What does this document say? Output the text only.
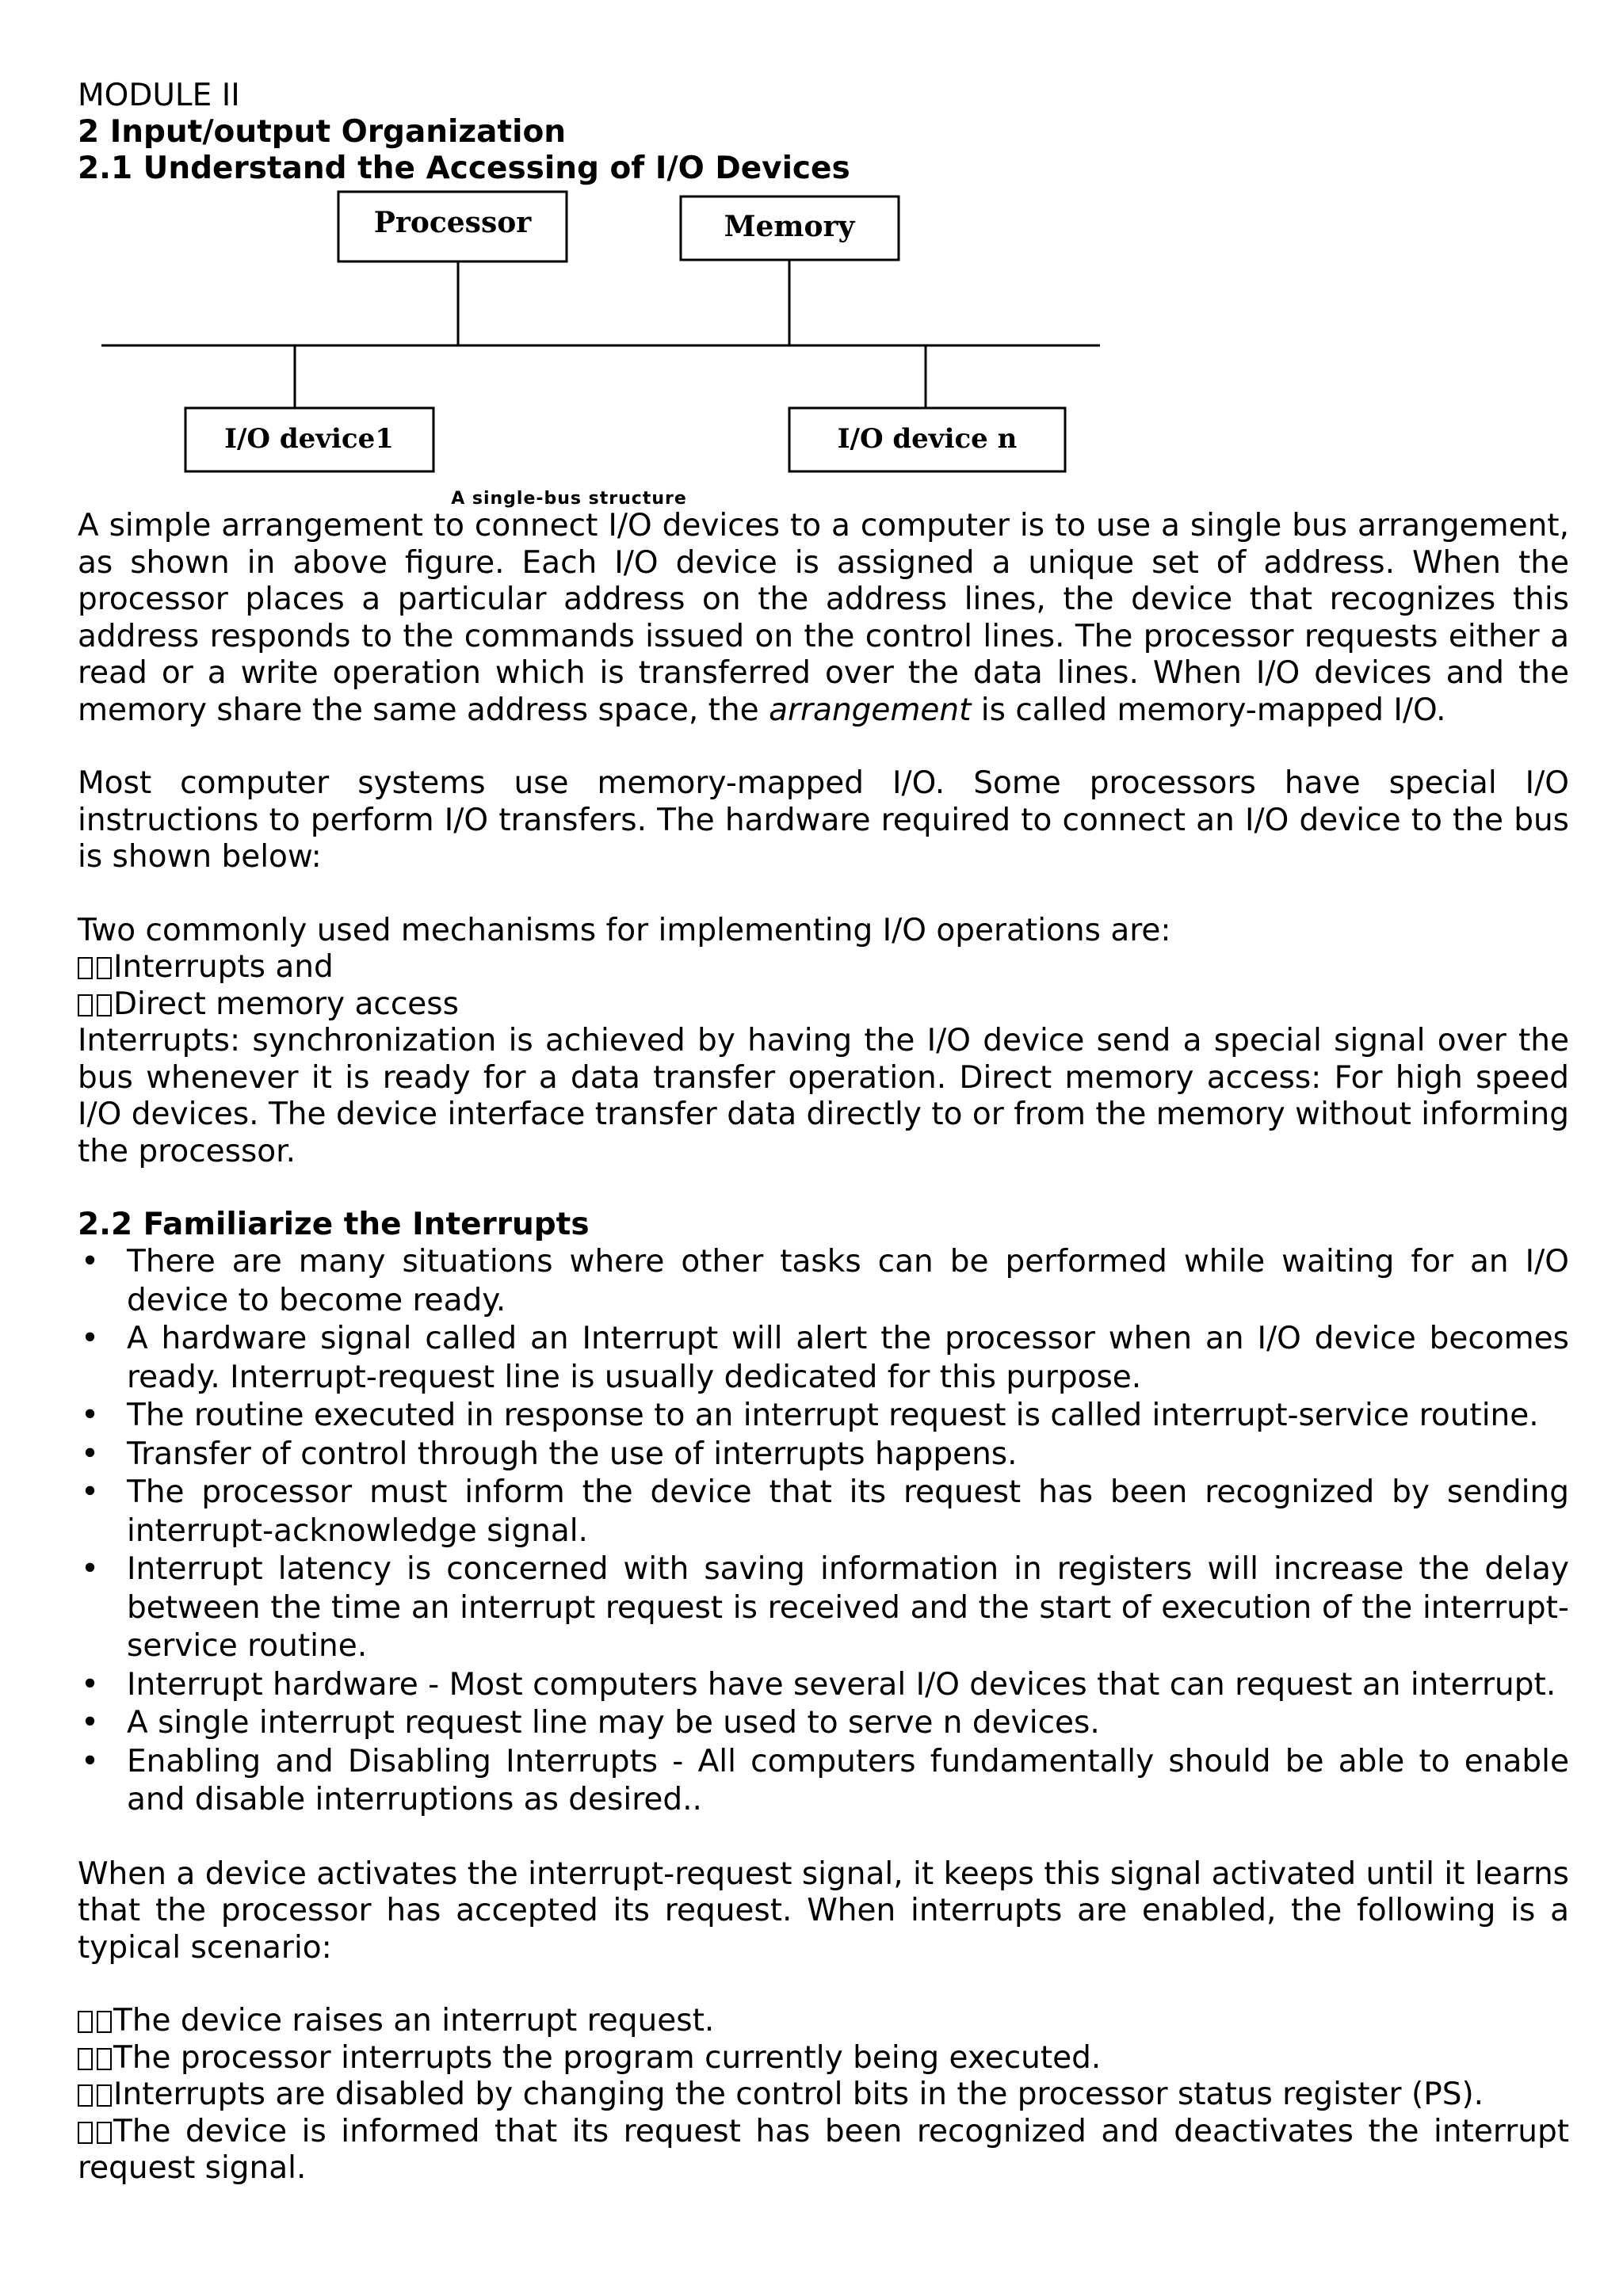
MODULE II
2 Input/output Organization
2.1 Understand the Accessing of I/O Devices
Processor	Memory
I/O device1	I/O device n
A single-bus structure
A simple arrangement to connect I/O devices to a computer is to use a single bus arrangement, as shown in above figure. Each I/O device is assigned a unique set of address. When the processor places a particular address on the address lines, the device that recognizes this address responds to the commands issued on the control lines. The processor requests either a read or a write operation which is transferred over the data lines. When I/O devices and the memory share the same address space, the arrangement is called memory-mapped I/O.
Most computer systems use memory-mapped I/O. Some processors have special I/O instructions to perform I/O transfers. The hardware required to connect an I/O device to the bus is shown below:
Two commonly used mechanisms for implementing I/O operations are:
Interrupts and
Direct memory access
Interrupts: synchronization is achieved by having the I/O device send a special signal over the bus whenever it is ready for a data transfer operation. Direct memory access: For high speed I/O devices. The device interface transfer data directly to or from the memory without informing the processor.
2.2 Familiarize the Interrupts
• There are many situations where other tasks can be performed while waiting for an I/O device to become ready.
• A hardware signal called an Interrupt will alert the processor when an I/O device becomes ready. Interrupt-request line is usually dedicated for this purpose.
• The routine executed in response to an interrupt request is called interrupt-service routine.
• Transfer of control through the use of interrupts happens.
• The processor must inform the device that its request has been recognized by sending interrupt-acknowledge signal.
• Interrupt latency is concerned with saving information in registers will increase the delay between the time an interrupt request is received and the start of execution of the interrupt-service routine.
• Interrupt hardware - Most computers have several I/O devices that can request an interrupt.
• A single interrupt request line may be used to serve n devices.
• Enabling and Disabling Interrupts - All computers fundamentally should be able to enable and disable interruptions as desired..
When a device activates the interrupt-request signal, it keeps this signal activated until it learns that the processor has accepted its request. When interrupts are enabled, the following is a typical scenario:
The device raises an interrupt request.
The processor interrupts the program currently being executed.
Interrupts are disabled by changing the control bits in the processor status register (PS).
The device is informed that its request has been recognized and deactivates the interrupt request signal.
